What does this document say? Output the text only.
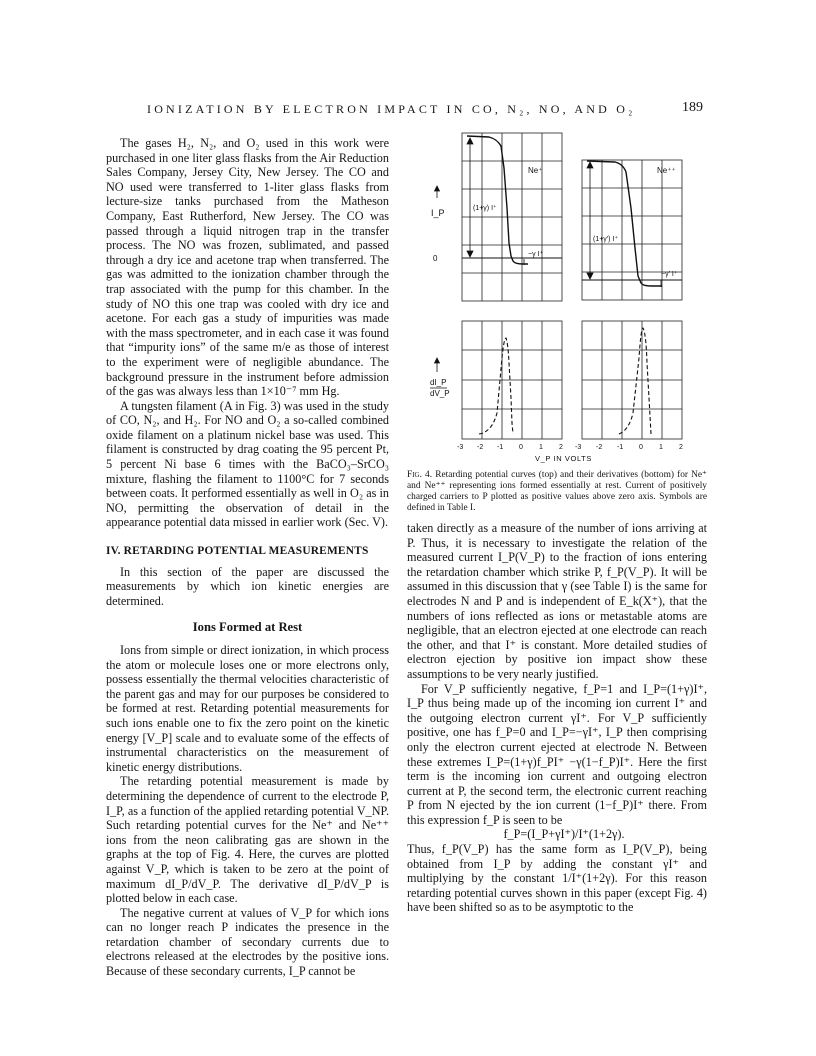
IONIZATION BY ELECTRON IMPACT IN CO, N₂, NO, AND O₂	189

The gases H₂, N₂, and O₂ used in this work were purchased in one liter glass flasks from the Air Reduction Sales Company, Jersey City, New Jersey. The CO and NO used were transferred to 1-liter glass flasks from lecture-size tanks purchased from the Matheson Company, East Rutherford, New Jersey. The CO was passed through a liquid nitrogen trap in the transfer process. The NO was frozen, sublimated, and passed through a dry ice and acetone trap when transferred. The gas was admitted to the ionization chamber through the trap associated with the pump for this chamber. In the study of NO this one trap was cooled with dry ice and acetone. For each gas a study of impurities was made with the mass spectrometer, and in each case it was found that “impurity ions” of the same m/e as those of interest to the experiment were of negligible abundance. The background pressure in the instrument before admission of the gas was always less than 1×10⁻⁷ mm Hg.

A tungsten filament (A in Fig. 3) was used in the study of CO, N₂, and H₂. For NO and O₂ a so-called combined oxide filament on a platinum nickel base was used. This filament is constructed by drag coating the 95 percent Pt, 5 percent Ni base 6 times with the BaCO₃–SrCO₃ mixture, flashing the filament to 1100°C for 7 seconds between coats. It performed essentially as well in O₂ as in NO, permitting the observation of detail in the appearance potential data missed in earlier work (Sec. V).

IV. RETARDING POTENTIAL MEASUREMENTS

In this section of the paper are discussed the measurements by which ion kinetic energies are determined.

Ions Formed at Rest

Ions from simple or direct ionization, in which process the atom or molecule loses one or more electrons only, possess essentially the thermal velocities characteristic of the parent gas and may for our purposes be considered to be formed at rest. Retarding potential measurements for such ions enable one to fix the zero point on the kinetic energy [V_P] scale and to evaluate some of the effects of instrumental characteristics on the measurement of kinetic energy distributions.

The retarding potential measurement is made by determining the dependence of current to the electrode P, I_P, as a function of the applied retarding potential V_NP. Such retarding potential curves for the Ne⁺ and Ne⁺⁺ ions from the neon calibrating gas are shown in the graphs at the top of Fig. 4. Here, the curves are plotted against V_P, which is taken to be zero at the point of maximum dI_P/dV_P. The derivative dI_P/dV_P is plotted below in each case.

The negative current at values of V_P for which ions can no longer reach P indicates the presence in the retardation chamber of secondary currents due to electrons released at the electrodes by the positive ions. Because of these secondary currents, I_P cannot be

Ne⁺	Ne⁺⁺
(1+γ) I⁺
−γ I⁺
(1+γ') I⁺
−γ' I⁺
I_P
0
dI_P
dV_P
-3 -2 -1 0 1 2 -3 -2 -1 0 1 2
V_P IN VOLTS
Fig. 4. Retarding potential curves (top) and their derivatives (bottom) for Ne⁺ and Ne⁺⁺ representing ions formed essentially at rest. Current of positively charged carriers to P plotted as positive values above zero axis. Symbols are defined in Table I.

taken directly as a measure of the number of ions arriving at P. Thus, it is necessary to investigate the relation of the measured current I_P(V_P) to the fraction of ions entering the retardation chamber which strike P, f_P(V_P). It will be assumed in this discussion that γ (see Table I) is the same for electrodes N and P and is independent of E_k(X⁺), that the numbers of ions reflected as ions or metastable atoms are negligible, that an electron ejected at one electrode can reach the other, and that I⁺ is constant. More detailed studies of electron ejection by positive ion impact show these assumptions to be very nearly justified.

For V_P sufficiently negative, f_P=1 and I_P=(1+γ)I⁺, I_P thus being made up of the incoming ion current I⁺ and the outgoing electron current γI⁺. For V_P sufficiently positive, one has f_P=0 and I_P=−γI⁺, I_P then comprising only the electron current ejected at electrode N. Between these extremes I_P=(1+γ)f_PI⁺ −γ(1−f_P)I⁺. Here the first term is the incoming ion current and outgoing electron current at P, the second term, the electronic current reaching P from N ejected by the ion current (1−f_P)I⁺ there. From this expression f_P is seen to be

f_P=(I_P+γI⁺)/I⁺(1+2γ).

Thus, f_P(V_P) has the same form as I_P(V_P), being obtained from I_P by adding the constant γI⁺ and multiplying by the constant 1/I⁺(1+2γ). For this reason retarding potential curves shown in this paper (except Fig. 4) have been shifted so as to be asymptotic to the
